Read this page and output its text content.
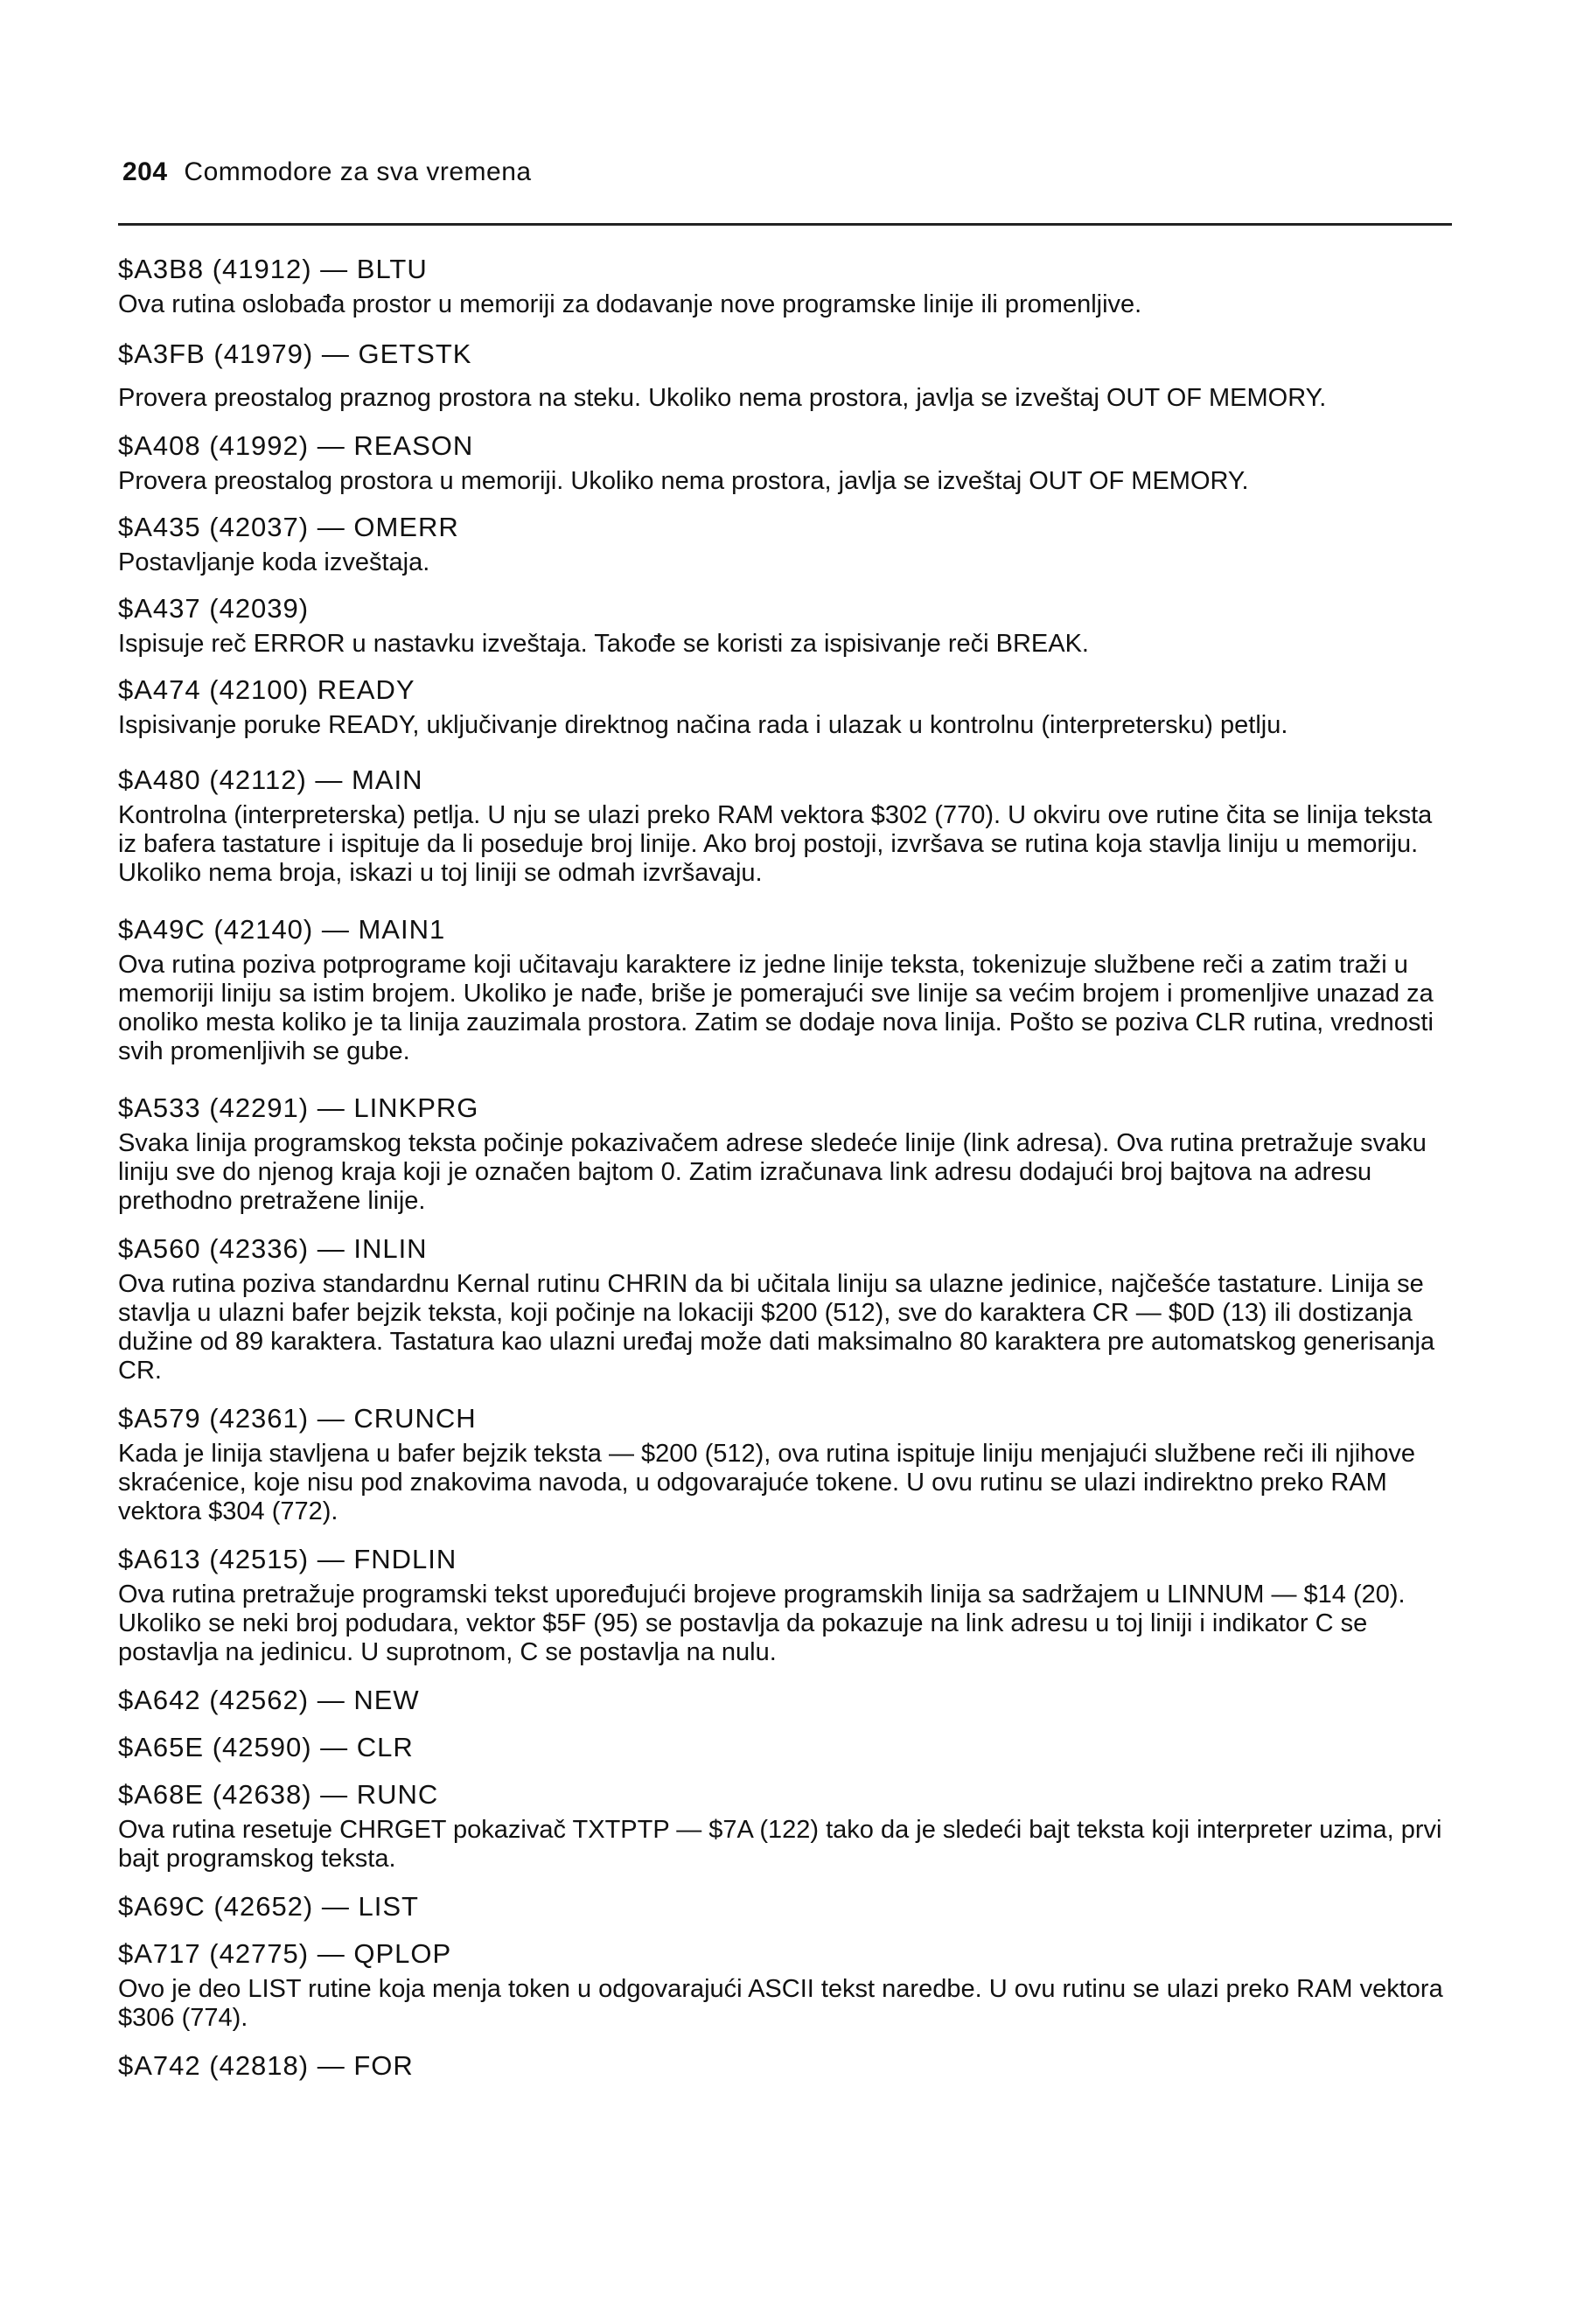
204 Commodore za sva vremena
$A3B8 (41912) — BLTU
Ova rutina oslobađa prostor u memoriji za dodavanje nove programske linije ili promenljive.
$A3FB (41979) — GETSTK
Provera preostalog praznog prostora na steku. Ukoliko nema prostora, javlja se izveštaj OUT OF MEMORY.
$A408 (41992) — REASON
Provera preostalog prostora u memoriji. Ukoliko nema prostora, javlja se izveštaj OUT OF MEMORY.
$A435 (42037) — OMERR
Postavljanje koda izveštaja.
$A437 (42039)
Ispisuje reč ERROR u nastavku izveštaja. Takođe se koristi za ispisivanje reči BREAK.
$A474 (42100) READY
Ispisivanje poruke READY, uključivanje direktnog načina rada i ulazak u kontrolnu (interpretersku) petlju.
$A480 (42112) — MAIN
Kontrolna (interpreterska) petlja. U nju se ulazi preko RAM vektora $302 (770). U okviru ove rutine čita se linija teksta iz bafera tastature i ispituje da li poseduje broj linije. Ako broj postoji, izvršava se rutina koja stavlja liniju u memoriju. Ukoliko nema broja, iskazi u toj liniji se odmah izvršavaju.
$A49C (42140) — MAIN1
Ova rutina poziva potprograme koji učitavaju karaktere iz jedne linije teksta, tokenizuje službene reči a zatim traži u memoriji liniju sa istim brojem. Ukoliko je nađe, briše je pomerajući sve linije sa većim brojem i promenljive unazad za onoliko mesta koliko je ta linija zauzimala prostora. Zatim se dodaje nova linija. Pošto se poziva CLR rutina, vrednosti svih promenljivih se gube.
$A533 (42291) — LINKPRG
Svaka linija programskog teksta počinje pokazivačem adrese sledeće linije (link adresa). Ova rutina pretražuje svaku liniju sve do njenog kraja koji je označen bajtom 0. Zatim izračunava link adresu dodajući broj bajtova na adresu prethodno pretražene linije.
$A560 (42336) — INLIN
Ova rutina poziva standardnu Kernal rutinu CHRIN da bi učitala liniju sa ulazne jedinice, najčešće tastature. Linija se stavlja u ulazni bafer bejzik teksta, koji počinje na lokaciji $200 (512), sve do karaktera CR — $0D (13) ili dostizanja dužine od 89 karaktera. Tastatura kao ulazni uređaj može dati maksimalno 80 karaktera pre automatskog generisanja CR.
$A579 (42361) — CRUNCH
Kada je linija stavljena u bafer bejzik teksta — $200 (512), ova rutina ispituje liniju menjajući službene reči ili njihove skraćenice, koje nisu pod znakovima navoda, u odgovarajuće tokene. U ovu rutinu se ulazi indirektno preko RAM vektora $304 (772).
$A613 (42515) — FNDLIN
Ova rutina pretražuje programski tekst upoređujući brojeve programskih linija sa sadržajem u LINNUM — $14 (20). Ukoliko se neki broj podudara, vektor $5F (95) se postavlja da pokazuje na link adresu u toj liniji i indikator C se postavlja na jedinicu. U suprotnom, C se postavlja na nulu.
$A642 (42562) — NEW
$A65E (42590) — CLR
$A68E (42638) — RUNC
Ova rutina resetuje CHRGET pokazivač TXTPTP — $7A (122) tako da je sledeći bajt teksta koji interpreter uzima, prvi bajt programskog teksta.
$A69C (42652) — LIST
$A717 (42775) — QPLOP
Ovo je deo LIST rutine koja menja token u odgovarajući ASCII tekst naredbe. U ovu rutinu se ulazi preko RAM vektora $306 (774).
$A742 (42818) — FOR
